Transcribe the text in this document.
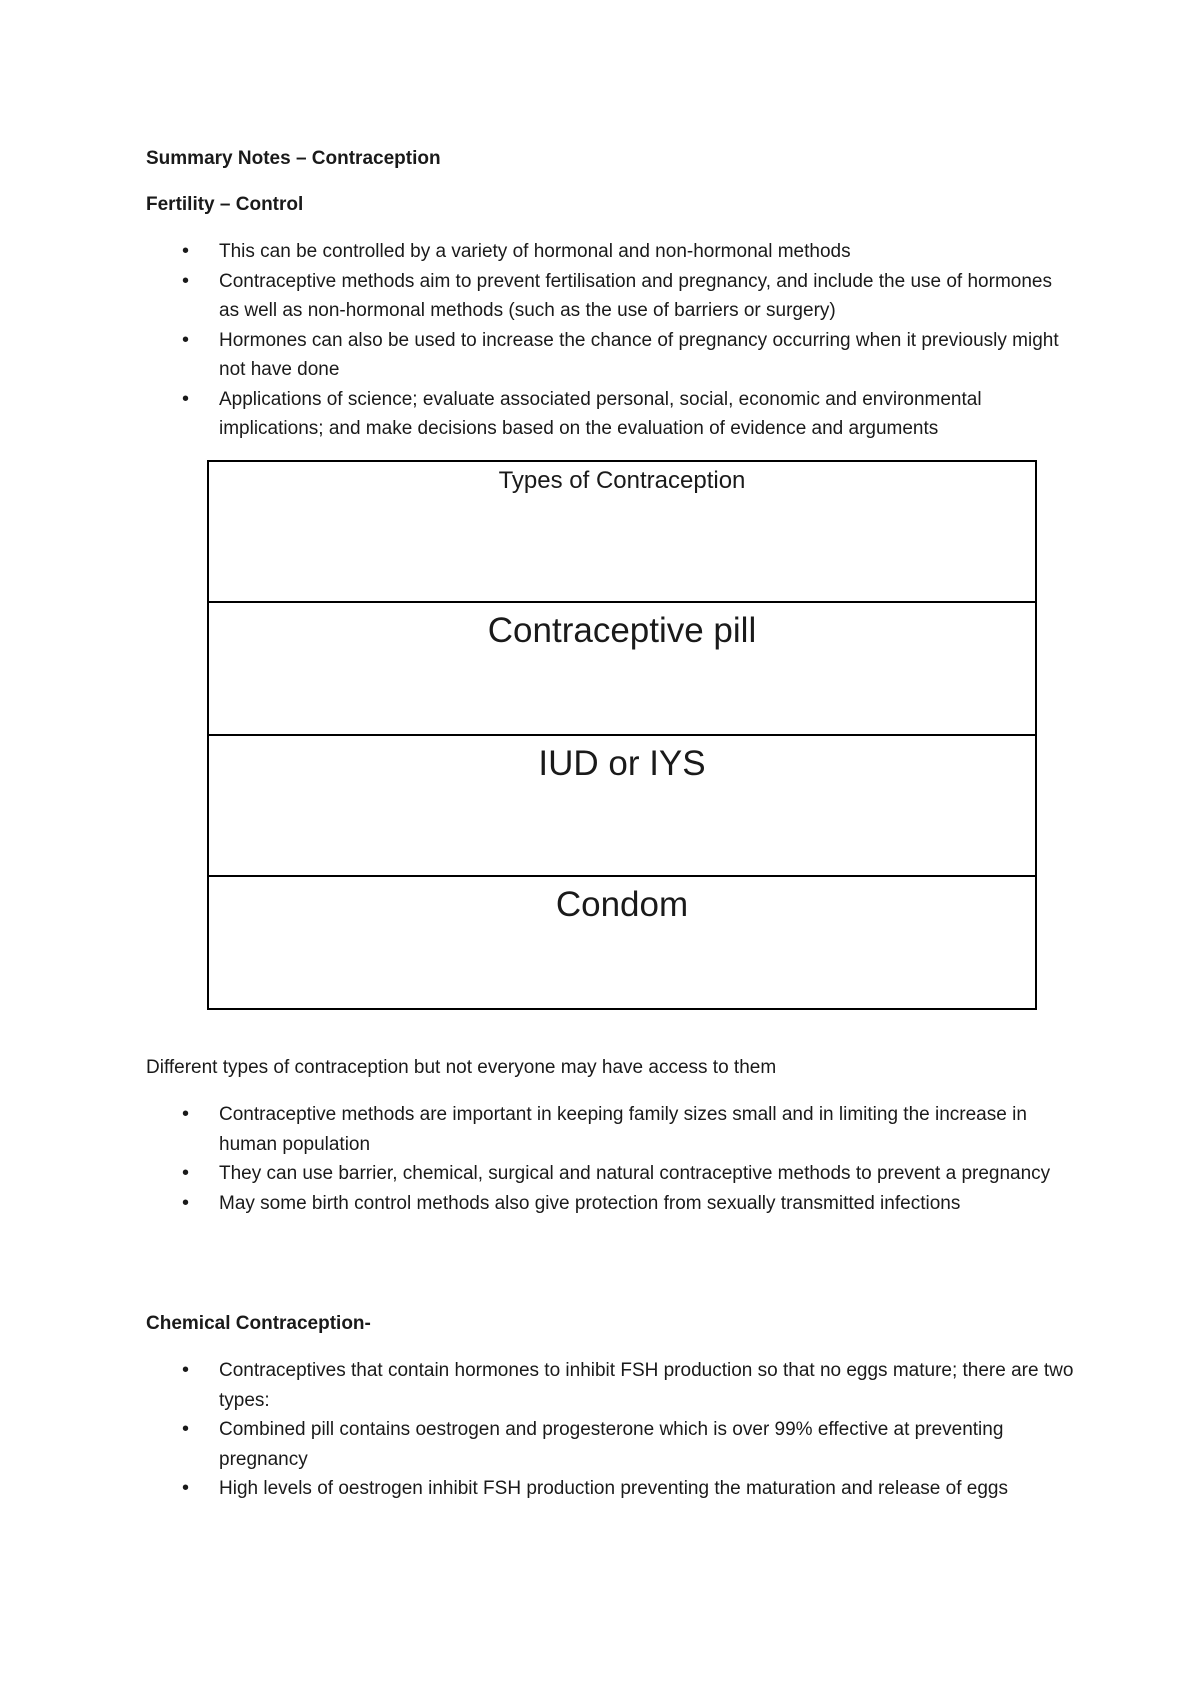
Summary Notes – Contraception
Fertility – Control
• This can be controlled by a variety of hormonal and non-hormonal methods
• Contraceptive methods aim to prevent fertilisation and pregnancy, and include the use of hormones as well as non-hormonal methods (such as the use of barriers or surgery)
• Hormones can also be used to increase the chance of pregnancy occurring when it previously might not have done
• Applications of science; evaluate associated personal, social, economic and environmental implications; and make decisions based on the evaluation of evidence and arguments
Types of Contraception
Contraceptive pill
IUD or IYS
Condom

Different types of contraception but not everyone may have access to them

• Contraceptive methods are important in keeping family sizes small and in limiting the increase in human population
• They can use barrier, chemical, surgical and natural contraceptive methods to prevent a pregnancy
• May some birth control methods also give protection from sexually transmitted infections
Chemical Contraception-
• Contraceptives that contain hormones to inhibit FSH production so that no eggs mature; there are two types:
• Combined pill contains oestrogen and progesterone which is over 99% effective at preventing pregnancy
• High levels of oestrogen inhibit FSH production preventing the maturation and release of eggs
